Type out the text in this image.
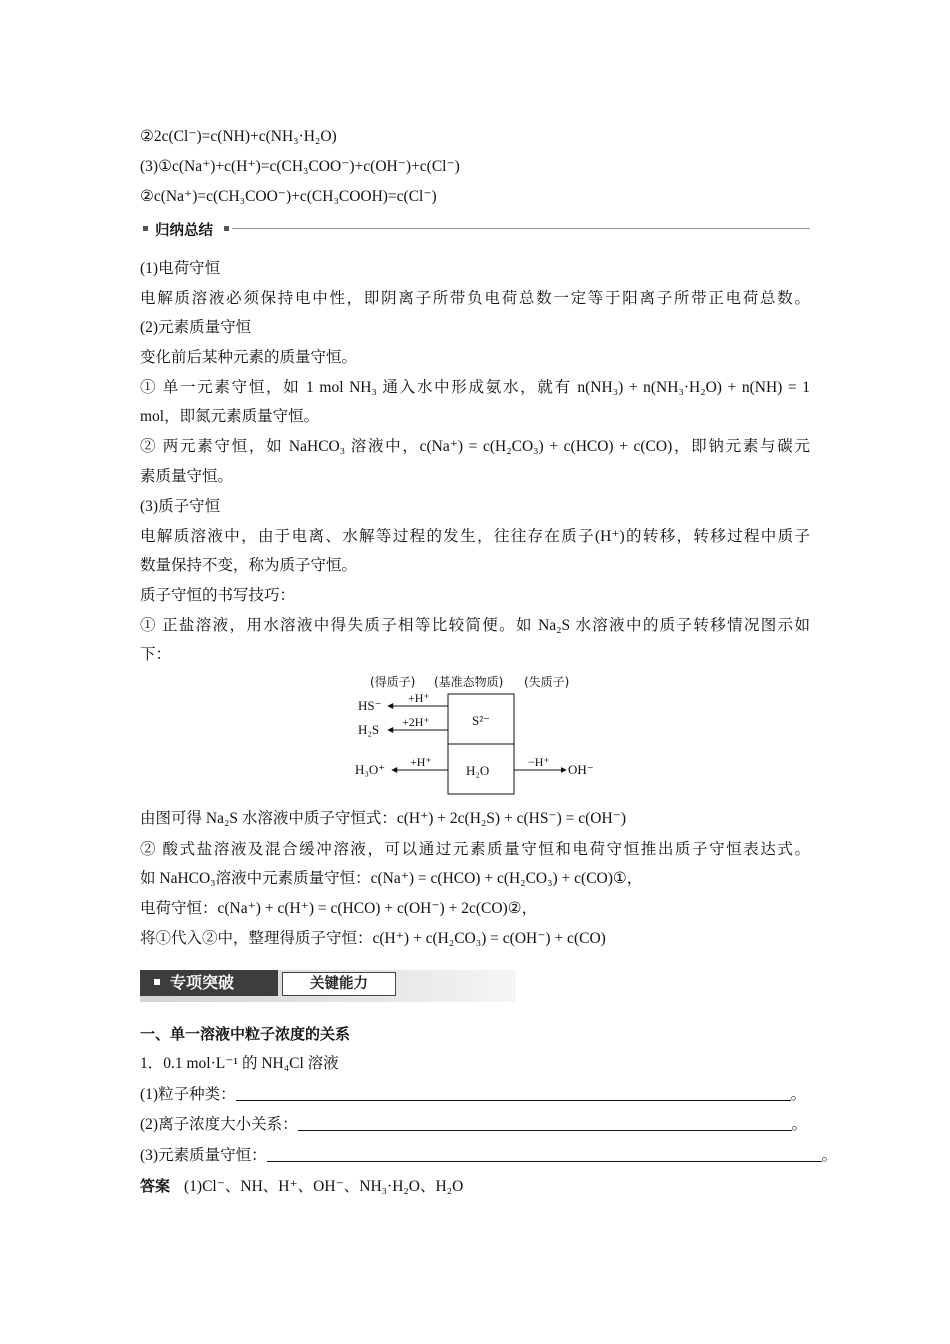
②2c(Cl⁻)=c(NH)+c(NH₃·H₂O)
(3)①c(Na⁺)+c(H⁺)=c(CH₃COO⁻)+c(OH⁻)+c(Cl⁻)
②c(Na⁺)=c(CH₃COO⁻)+c(CH₃COOH)=c(Cl⁻)
归纳总结
(1)电荷守恒
电解质溶液必须保持电中性，即阴离子所带负电荷总数一定等于阳离子所带正电荷总数。
(2)元素质量守恒
变化前后某种元素的质量守恒。
① 单一元素守恒，如 1 mol NH₃ 通入水中形成氨水，就有 n(NH₃) + n(NH₃·H₂O) + n(NH) = 1
mol，即氮元素质量守恒。
② 两元素守恒，如 NaHCO₃ 溶液中，c(Na⁺) = c(H₂CO₃) + c(HCO) + c(CO)，即钠元素与碳元
素质量守恒。
(3)质子守恒
电解质溶液中，由于电离、水解等过程的发生，往往存在质子(H⁺)的转移，转移过程中质子
数量保持不变，称为质子守恒。
质子守恒的书写技巧：
① 正盐溶液，用水溶液中得失质子相等比较简便。如 Na₂S 水溶液中的质子转移情况图示如
下：
(得质子) (基准态物质) (失质子)
S²⁻
H₂O
+H⁺
HS⁻
+2H⁺
H₂S
+H⁺
H₃O⁺	−H⁺ OH⁻
由图可得 Na₂S 水溶液中质子守恒式：c(H⁺) + 2c(H₂S) + c(HS⁻) = c(OH⁻)
② 酸式盐溶液及混合缓冲溶液，可以通过元素质量守恒和电荷守恒推出质子守恒表达式。
如 NaHCO₃溶液中元素质量守恒：c(Na⁺) = c(HCO) + c(H₂CO₃) + c(CO)①，
电荷守恒：c(Na⁺) + c(H⁺) = c(HCO) + c(OH⁻) + 2c(CO)②，
将①代入②中，整理得质子守恒：c(H⁺) + c(H₂CO₃) = c(OH⁻) + c(CO)
专项突破	关键能力
一、单一溶液中粒子浓度的关系
1．0.1 mol·L⁻¹ 的 NH₄Cl 溶液
(1)粒子种类：	。
(2)离子浓度大小关系：	。
(3)元素质量守恒：	。
答案 (1)Cl⁻、NH、H⁺、OH⁻、NH₃·H₂O、H₂O
